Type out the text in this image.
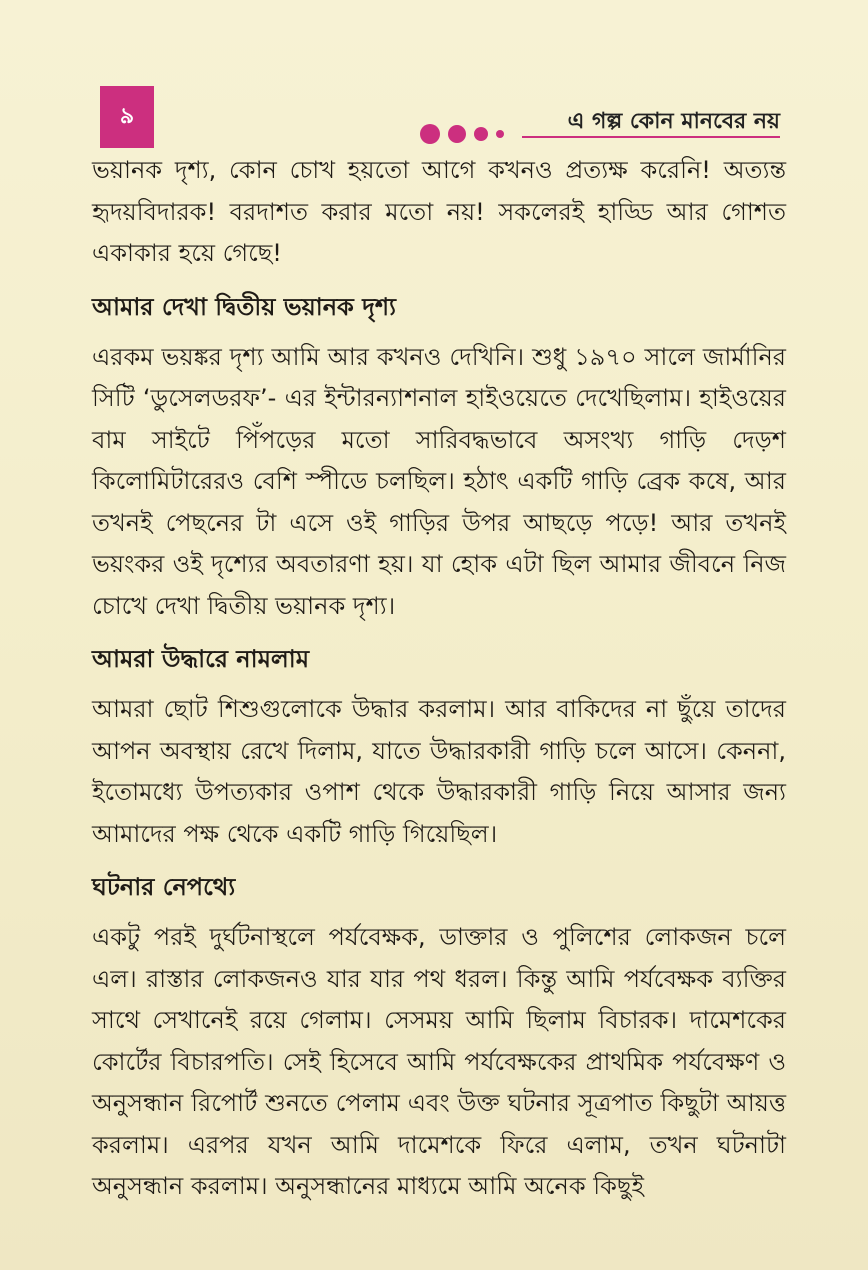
৯	এ গল্প কোন মানবের নয়

ভয়ানক দৃশ্য, কোন চোখ হয়তো আগে কখনও প্রত্যক্ষ করেনি! অত্যন্ত হৃদয়বিদারক! বরদাশত করার মতো নয়! সকলেরই হাড্ডি আর গোশত একাকার হয়ে গেছে!

আমার দেখা দ্বিতীয় ভয়ানক দৃশ্য

এরকম ভয়ঙ্কর দৃশ্য আমি আর কখনও দেখিনি। শুধু ১৯৭০ সালে জার্মানির সিটি ‘ডুসেলডরফ’- এর ইন্টারন্যাশনাল হাইওয়েতে দেখেছিলাম। হাইওয়ের বাম সাইটে পিঁপড়ের মতো সারিবদ্ধভাবে অসংখ্য গাড়ি দেড়শ কিলোমিটারেরও বেশি স্পীডে চলছিল। হঠাৎ একটি গাড়ি ব্রেক কষে, আর তখনই পেছনের টা এসে ওই গাড়ির উপর আছড়ে পড়ে! আর তখনই ভয়ংকর ওই দৃশ্যের অবতারণা হয়। যা হোক এটা ছিল আমার জীবনে নিজ চোখে দেখা দ্বিতীয় ভয়ানক দৃশ্য।

আমরা উদ্ধারে নামলাম

আমরা ছোট শিশুগুলোকে উদ্ধার করলাম। আর বাকিদের না ছুঁয়ে তাদের আপন অবস্থায় রেখে দিলাম, যাতে উদ্ধারকারী গাড়ি চলে আসে। কেননা, ইতোমধ্যে উপত্যকার ওপাশ থেকে উদ্ধারকারী গাড়ি নিয়ে আসার জন্য আমাদের পক্ষ থেকে একটি গাড়ি গিয়েছিল।

ঘটনার নেপথ্যে

একটু পরই দুর্ঘটনাস্থলে পর্যবেক্ষক, ডাক্তার ও পুলিশের লোকজন চলে এল। রাস্তার লোকজনও যার যার পথ ধরল। কিন্তু আমি পর্যবেক্ষক ব্যক্তির সাথে সেখানেই রয়ে গেলাম। সেসময় আমি ছিলাম বিচারক। দামেশকের কোর্টের বিচারপতি। সেই হিসেবে আমি পর্যবেক্ষকের প্রাথমিক পর্যবেক্ষণ ও অনুসন্ধান রিপোর্ট শুনতে পেলাম এবং উক্ত ঘটনার সূত্রপাত কিছুটা আয়ত্ত করলাম। এরপর যখন আমি দামেশকে ফিরে এলাম, তখন ঘটনাটা অনুসন্ধান করলাম। অনুসন্ধানের মাধ্যমে আমি অনেক কিছুই
